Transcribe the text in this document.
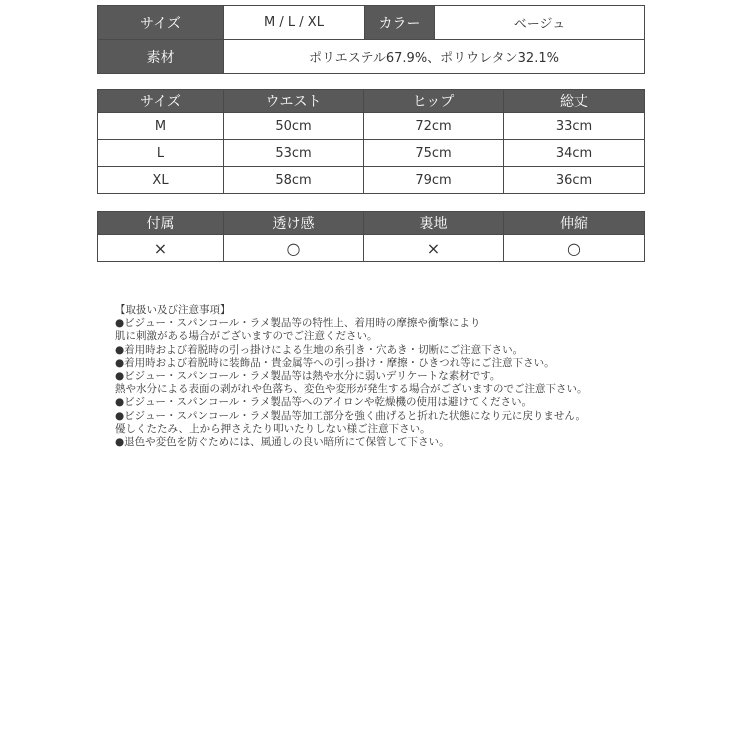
サイズ	M / L / XL	カラー	ベージュ
素材	ポリエステル67.9%、ポリウレタン32.1%		
サイズ	ウエスト	ヒップ	総丈
M	50cm	72cm	33cm
L	53cm	75cm	34cm
XL	58cm	79cm	36cm
付属	透け感	裏地	伸縮
×	○	×	○
【取扱い及び注意事項】
●ビジュー・スパンコール・ラメ製品等の特性上、着用時の摩擦や衝撃により
肌に刺激がある場合がございますのでご注意ください。
●着用時および着脱時の引っ掛けによる生地の糸引き・穴あき・切断にご注意下さい。
●着用時および着脱時に装飾品・貴金属等への引っ掛け・摩擦・ひきつれ等にご注意下さい。
●ビジュー・スパンコール・ラメ製品等は熱や水分に弱いデリケートな素材です。
熱や水分による表面の剥がれや色落ち、変色や変形が発生する場合がございますのでご注意下さい。
●ビジュー・スパンコール・ラメ製品等へのアイロンや乾燥機の使用は避けてください。
●ビジュー・スパンコール・ラメ製品等加工部分を強く曲げると折れた状態になり元に戻りません。
優しくたたみ、上から押さえたり叩いたりしない様ご注意下さい。
●退色や変色を防ぐためには、風通しの良い暗所にて保管して下さい。
